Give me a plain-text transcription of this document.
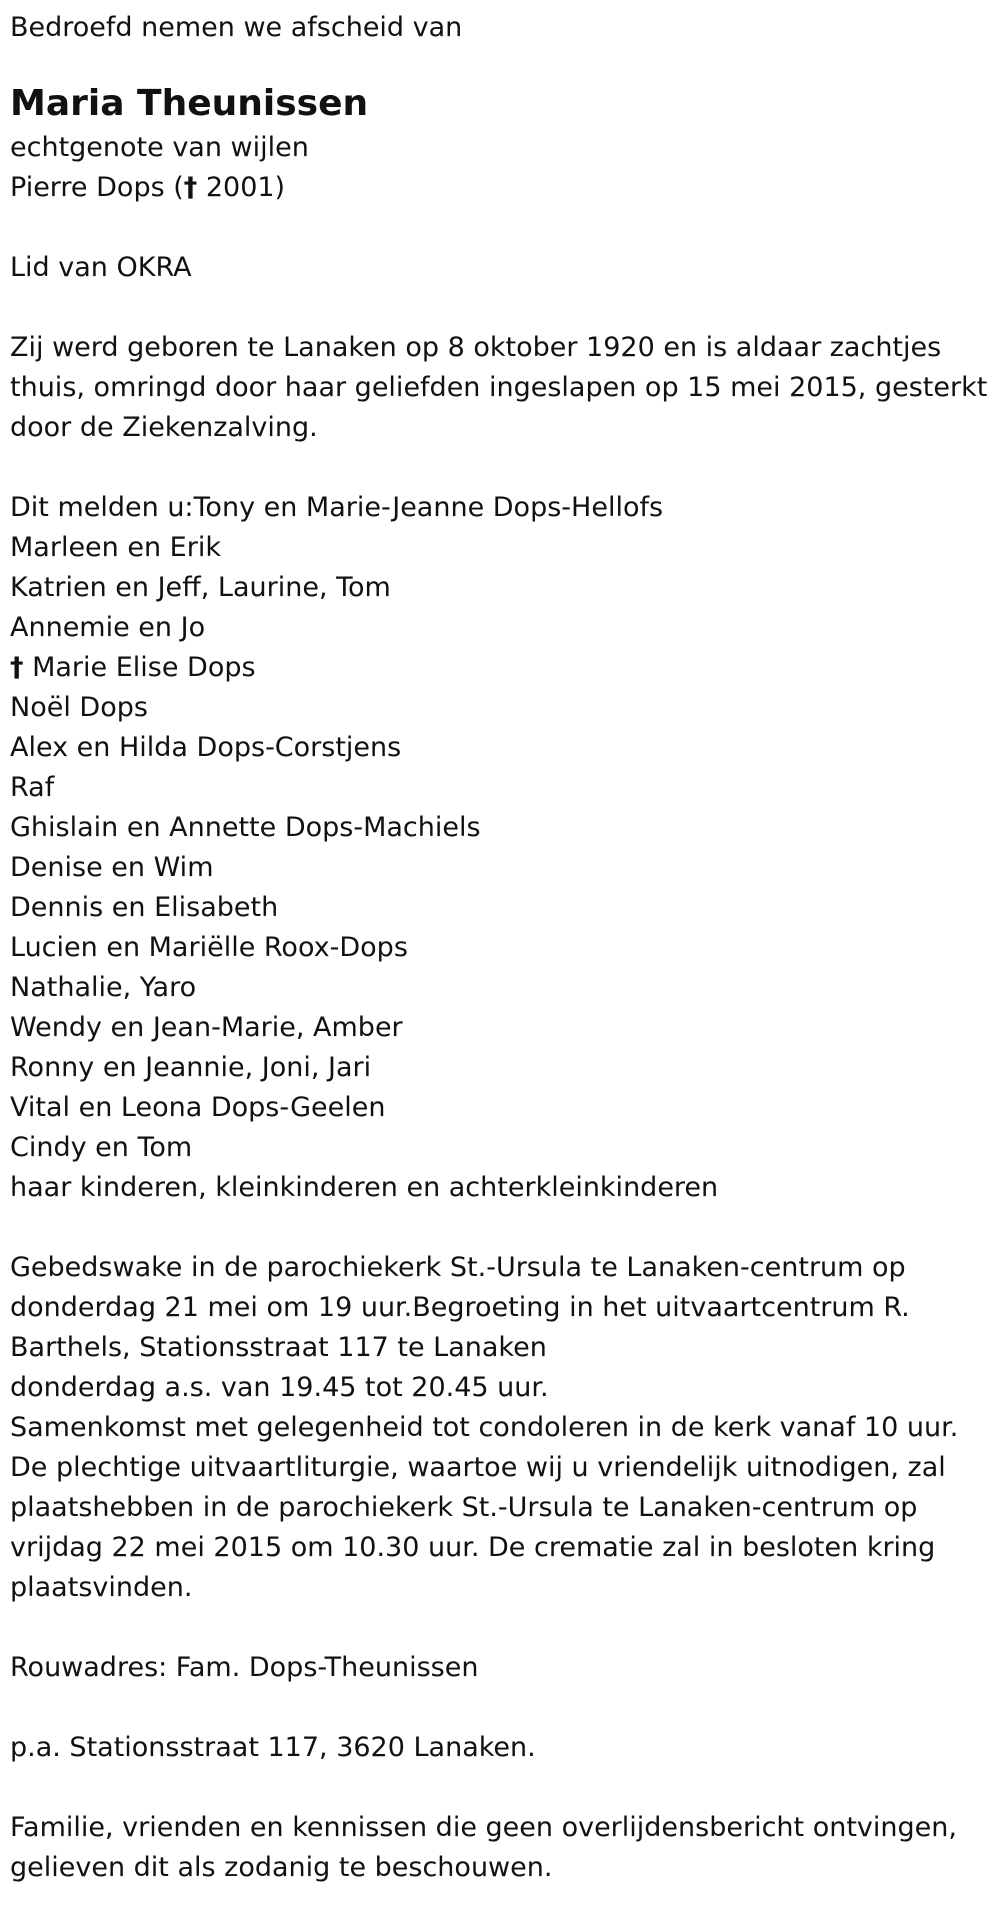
Bedroefd nemen we afscheid van
Maria Theunissen
echtgenote van wijlen
Pierre Dops († 2001)
Lid van OKRA
Zij werd geboren te Lanaken op 8 oktober 1920 en is aldaar zachtjes
thuis, omringd door haar geliefden ingeslapen op 15 mei 2015, gesterkt
door de Ziekenzalving.
Dit melden u:Tony en Marie-Jeanne Dops-Hellofs
Marleen en Erik
Katrien en Jeff, Laurine, Tom
Annemie en Jo
† Marie Elise Dops
Noël Dops
Alex en Hilda Dops-Corstjens
Raf
Ghislain en Annette Dops-Machiels
Denise en Wim
Dennis en Elisabeth
Lucien en Mariëlle Roox-Dops
Nathalie, Yaro
Wendy en Jean-Marie, Amber
Ronny en Jeannie, Joni, Jari
Vital en Leona Dops-Geelen
Cindy en Tom
haar kinderen, kleinkinderen en achterkleinkinderen
Gebedswake in de parochiekerk St.-Ursula te Lanaken-centrum op
donderdag 21 mei om 19 uur.Begroeting in het uitvaartcentrum R.
Barthels, Stationsstraat 117 te Lanaken
donderdag a.s. van 19.45 tot 20.45 uur.
Samenkomst met gelegenheid tot condoleren in de kerk vanaf 10 uur.
De plechtige uitvaartliturgie, waartoe wij u vriendelijk uitnodigen, zal
plaatshebben in de parochiekerk St.-Ursula te Lanaken-centrum op
vrijdag 22 mei 2015 om 10.30 uur. De crematie zal in besloten kring
plaatsvinden.
Rouwadres: Fam. Dops-Theunissen
p.a. Stationsstraat 117, 3620 Lanaken.
Familie, vrienden en kennissen die geen overlijdensbericht ontvingen,
gelieven dit als zodanig te beschouwen.
